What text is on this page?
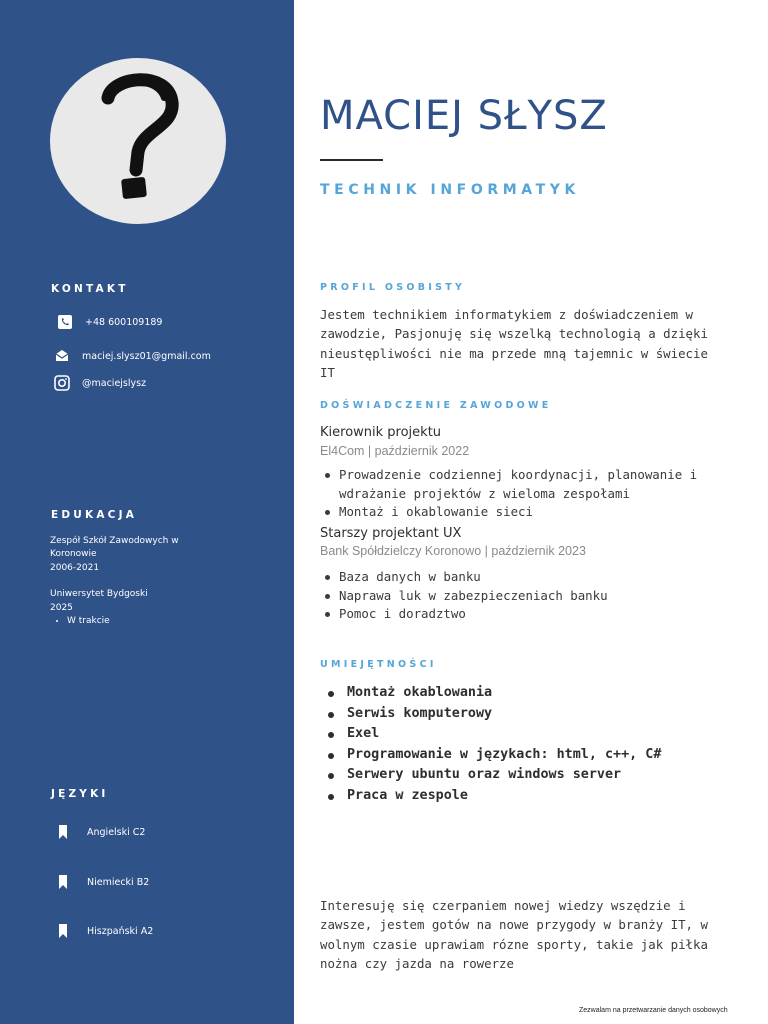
KONTAKT
+48 600109189
maciej.slysz01@gmail.com
@maciejslysz
EDUKACJA
Zespół Szkół Zawodowych w
Koronowie
2006-2021
Uniwersytet Bydgoski
2025
• W trakcie
JĘZYKI
Angielski C2
Niemiecki B2
Hiszpański A2
MACIEJ SŁYSZ
TECHNIK INFORMATYK
PROFIL OSOBISTY
Jestem technikiem informatykiem z doświadczeniem w
zawodzie, Pasjonuję się wszelką technologią a dzięki
nieustępliwości nie ma przede mną tajemnic w świecie
IT
DOŚWIADCZENIE ZAWODOWE
Kierownik projektu
El4Com | październik 2022
Prowadzenie codziennej koordynacji, planowanie i wdrażanie projektów z wieloma zespołami
Montaż i okablowanie sieci
Starszy projektant UX
Bank Spółdzielczy Koronowo | październik 2023
Baza danych w banku
Naprawa luk w zabezpieczeniach banku
Pomoc i doradztwo
UMIEJĘTNOŚCI
Montaż okablowania
Serwis komputerowy
Exel
Programowanie w językach: html, c++, C#
Serwery ubuntu oraz windows server
Praca w zespole
Interesuję się czerpaniem nowej wiedzy wszędzie i
zawsze, jestem gotów na nowe przygody w branży IT, w
wolnym czasie uprawiam rózne sporty, takie jak piłka
nożna czy jazda na rowerze
Zezwalam na przetwarzanie danych osobowych
